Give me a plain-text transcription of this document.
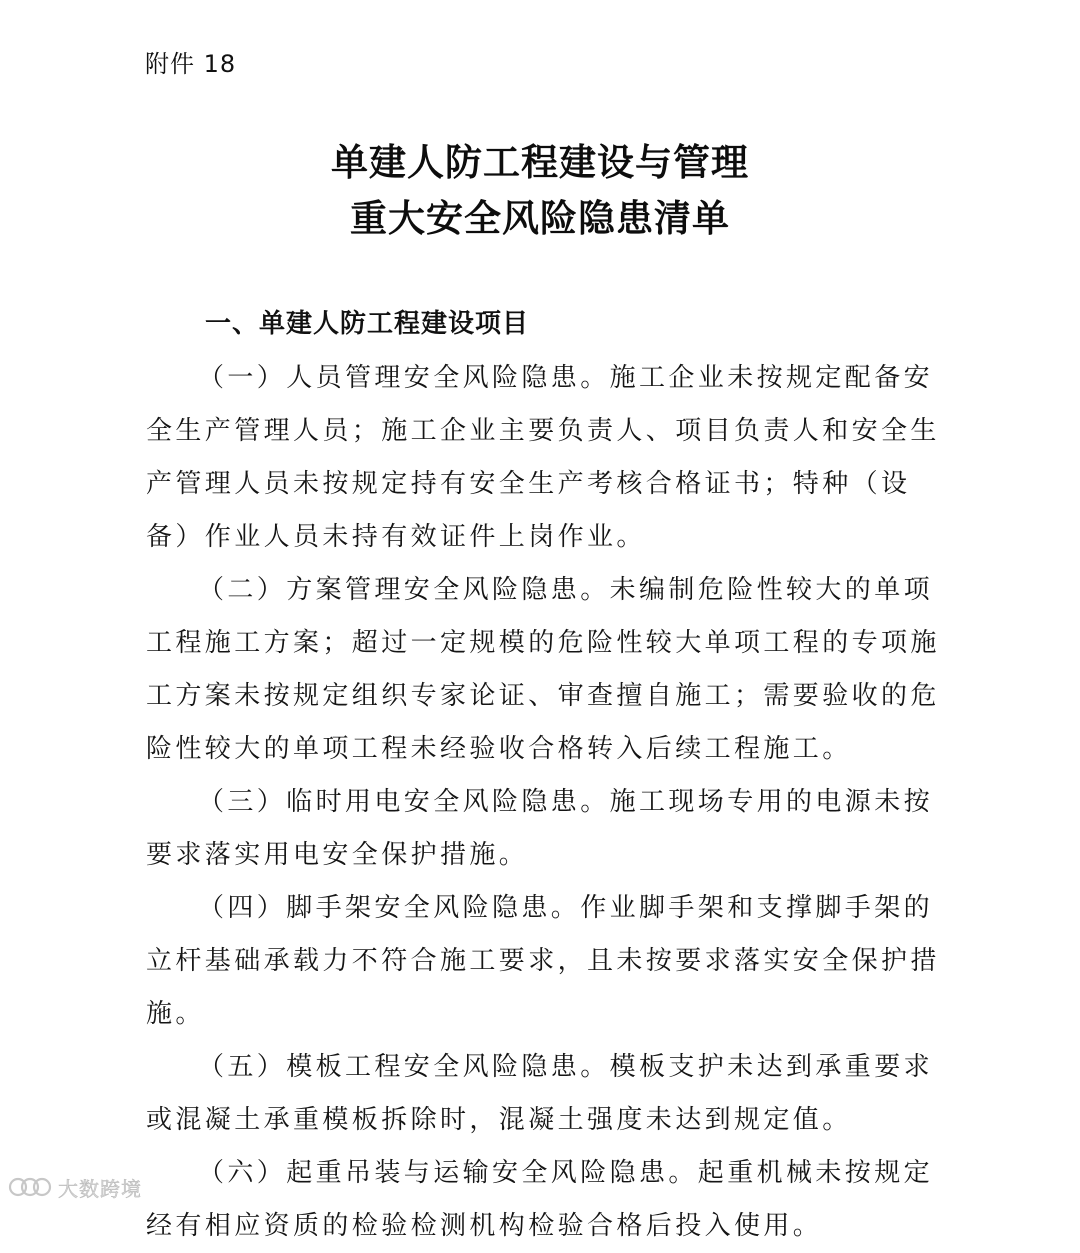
附件 18
单建人防工程建设与管理
重大安全风险隐患清单
一、单建人防工程建设项目

（一）人员管理安全风险隐患。施工企业未按规定配备安全生产管理人员；施工企业主要负责人、项目负责人和安全生产管理人员未按规定持有安全生产考核合格证书；特种（设备）作业人员未持有效证件上岗作业。

（二）方案管理安全风险隐患。未编制危险性较大的单项工程施工方案；超过一定规模的危险性较大单项工程的专项施工方案未按规定组织专家论证、审查擅自施工；需要验收的危险性较大的单项工程未经验收合格转入后续工程施工。

（三）临时用电安全风险隐患。施工现场专用的电源未按要求落实用电安全保护措施。

（四）脚手架安全风险隐患。作业脚手架和支撑脚手架的立杆基础承载力不符合施工要求，且未按要求落实安全保护措施。

（五）模板工程安全风险隐患。模板支护未达到承重要求或混凝土承重模板拆除时，混凝土强度未达到规定值。

（六）起重吊装与运输安全风险隐患。起重机械未按规定经有相应资质的检验检测机构检验合格后投入使用。

大数跨境
